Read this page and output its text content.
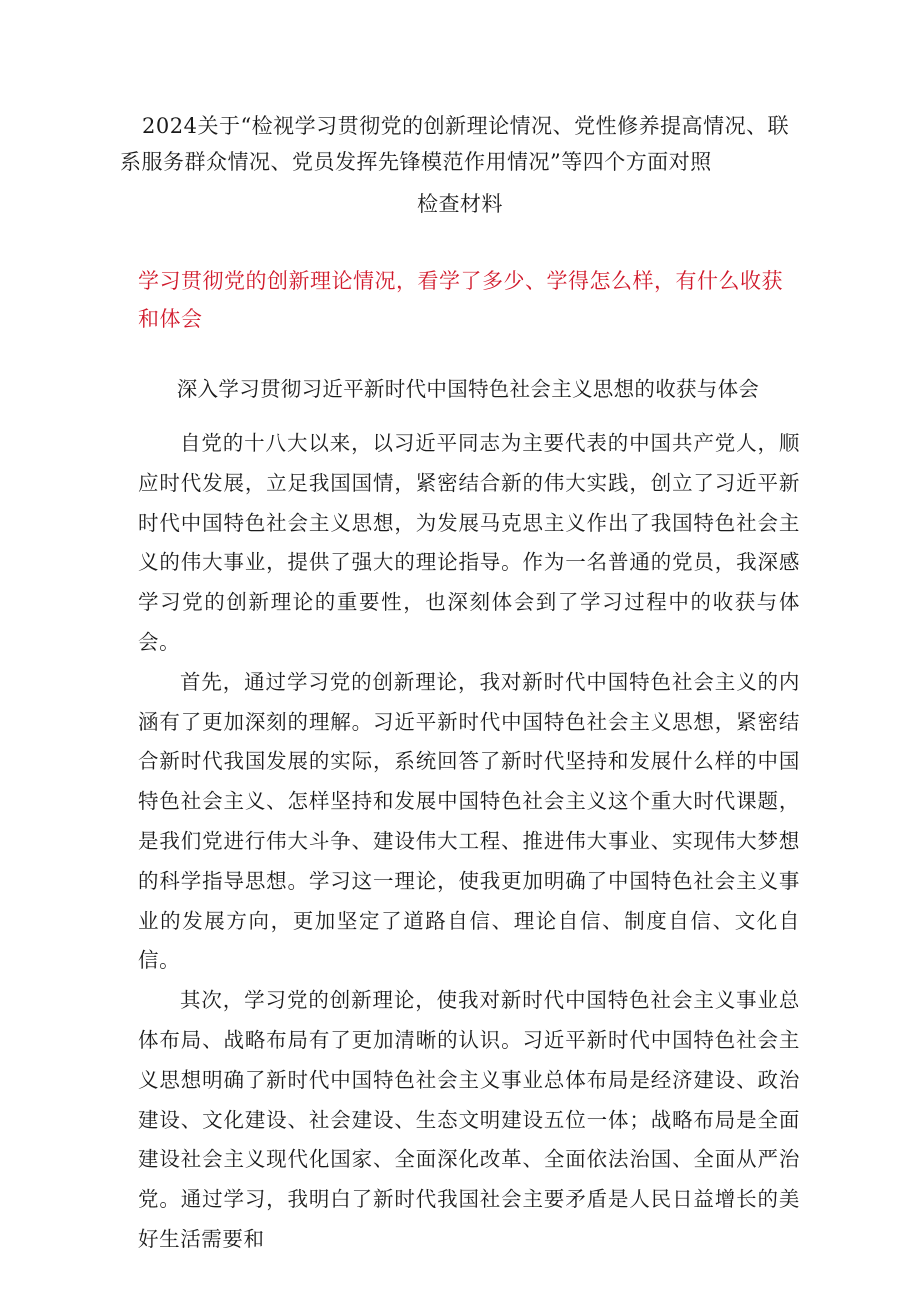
2024关于“检视学习贯彻党的创新理论情况、党性修养提高情况、联系服务群众情况、党员发挥先锋模范作用情况”等四个方面对照
检查材料
学习贯彻党的创新理论情况，看学了多少、学得怎么样，有什么收获和体会
深入学习贯彻习近平新时代中国特色社会主义思想的收获与体会

自党的十八大以来，以习近平同志为主要代表的中国共产党人，顺应时代发展，立足我国国情，紧密结合新的伟大实践，创立了习近平新时代中国特色社会主义思想，为发展马克思主义作出了我国特色社会主义的伟大事业，提供了强大的理论指导。作为一名普通的党员，我深感学习党的创新理论的重要性，也深刻体会到了学习过程中的收获与体会。

首先，通过学习党的创新理论，我对新时代中国特色社会主义的内涵有了更加深刻的理解。习近平新时代中国特色社会主义思想，紧密结合新时代我国发展的实际，系统回答了新时代坚持和发展什么样的中国特色社会主义、怎样坚持和发展中国特色社会主义这个重大时代课题，是我们党进行伟大斗争、建设伟大工程、推进伟大事业、实现伟大梦想的科学指导思想。学习这一理论，使我更加明确了中国特色社会主义事业的发展方向，更加坚定了道路自信、理论自信、制度自信、文化自信。

其次，学习党的创新理论，使我对新时代中国特色社会主义事业总体布局、战略布局有了更加清晰的认识。习近平新时代中国特色社会主义思想明确了新时代中国特色社会主义事业总体布局是经济建设、政治建设、文化建设、社会建设、生态文明建设五位一体；战略布局是全面建设社会主义现代化国家、全面深化改革、全面依法治国、全面从严治党。通过学习，我明白了新时代我国社会主要矛盾是人民日益增长的美好生活需要和
